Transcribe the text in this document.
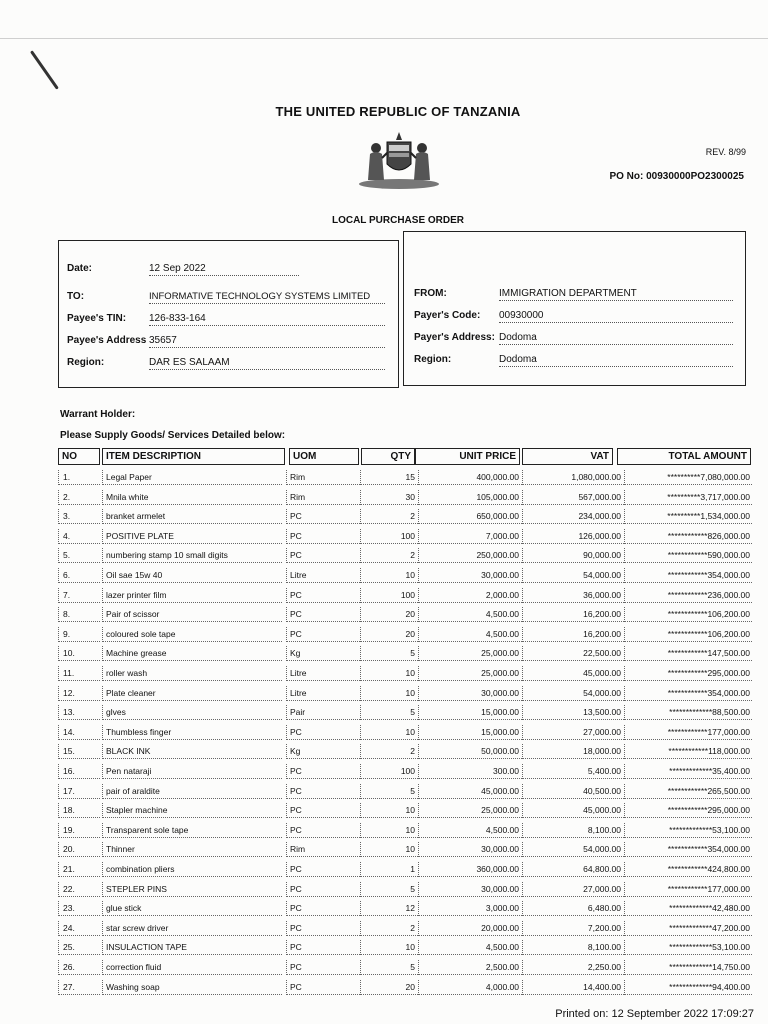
THE UNITED REPUBLIC OF TANZANIA
REV. 8/99
PO No: 00930000PO2300025
LOCAL PURCHASE ORDER
Date:	12 Sep 2022
TO:	INFORMATIVE TECHNOLOGY SYSTEMS LIMITED
Payee's TIN: 126-833-164
Payee's Address 35657
Region:	DAR ES SALAAM
FROM:	IMMIGRATION DEPARTMENT
Payer's Code: 00930000
Payer's Address: Dodoma
Region:	Dodoma
Warrant Holder:
Please Supply Goods/ Services Detailed below:
NO	ITEM DESCRIPTION	UOM	QTY	UNIT PRICE	VAT	TOTAL AMOUNT
1.	Legal Paper	Rim	15	400,000.00	1,080,000.00	**********7,080,000.00
2.	Mnila white	Rim	30	105,000.00	567,000.00	**********3,717,000.00
3.	branket armelet	PC	2	650,000.00	234,000.00	**********1,534,000.00
4.	POSITIVE PLATE	PC	100	7,000.00	126,000.00	************826,000.00
5.	numbering stamp 10 small digits	PC	2	250,000.00	90,000.00	************590,000.00
6.	Oil sae 15w 40	Litre	10	30,000.00	54,000.00	************354,000.00
7.	lazer printer film	PC	100	2,000.00	36,000.00	************236,000.00
8.	Pair of scissor	PC	20	4,500.00	16,200.00	************106,200.00
9.	coloured sole tape	PC	20	4,500.00	16,200.00	************106,200.00
10.	Machine grease	Kg	5	25,000.00	22,500.00	************147,500.00
11.	roller wash	Litre	10	25,000.00	45,000.00	************295,000.00
12.	Plate cleaner	Litre	10	30,000.00	54,000.00	************354,000.00
13.	glves	Pair	5	15,000.00	13,500.00	*************88,500.00
14.	Thumbless finger	PC	10	15,000.00	27,000.00	************177,000.00
15.	BLACK INK	Kg	2	50,000.00	18,000.00	************118,000.00
16.	Pen nataraji	PC	100	300.00	5,400.00	*************35,400.00
17.	pair of araldite	PC	5	45,000.00	40,500.00	************265,500.00
18.	Stapler machine	PC	10	25,000.00	45,000.00	************295,000.00
19.	Transparent sole tape	PC	10	4,500.00	8,100.00	*************53,100.00
20.	Thinner	Rim	10	30,000.00	54,000.00	************354,000.00
21.	combination pliers	PC	1	360,000.00	64,800.00	************424,800.00
22.	STEPLER PINS	PC	5	30,000.00	27,000.00	************177,000.00
23.	glue stick	PC	12	3,000.00	6,480.00	*************42,480.00
24.	star screw driver	PC	2	20,000.00	7,200.00	*************47,200.00
25.	INSULACTION TAPE	PC	10	4,500.00	8,100.00	*************53,100.00
26.	correction fluid	PC	5	2,500.00	2,250.00	*************14,750.00
27.	Washing soap	PC	20	4,000.00	14,400.00	*************94,400.00
Printed on: 12 September 2022 17:09:27
